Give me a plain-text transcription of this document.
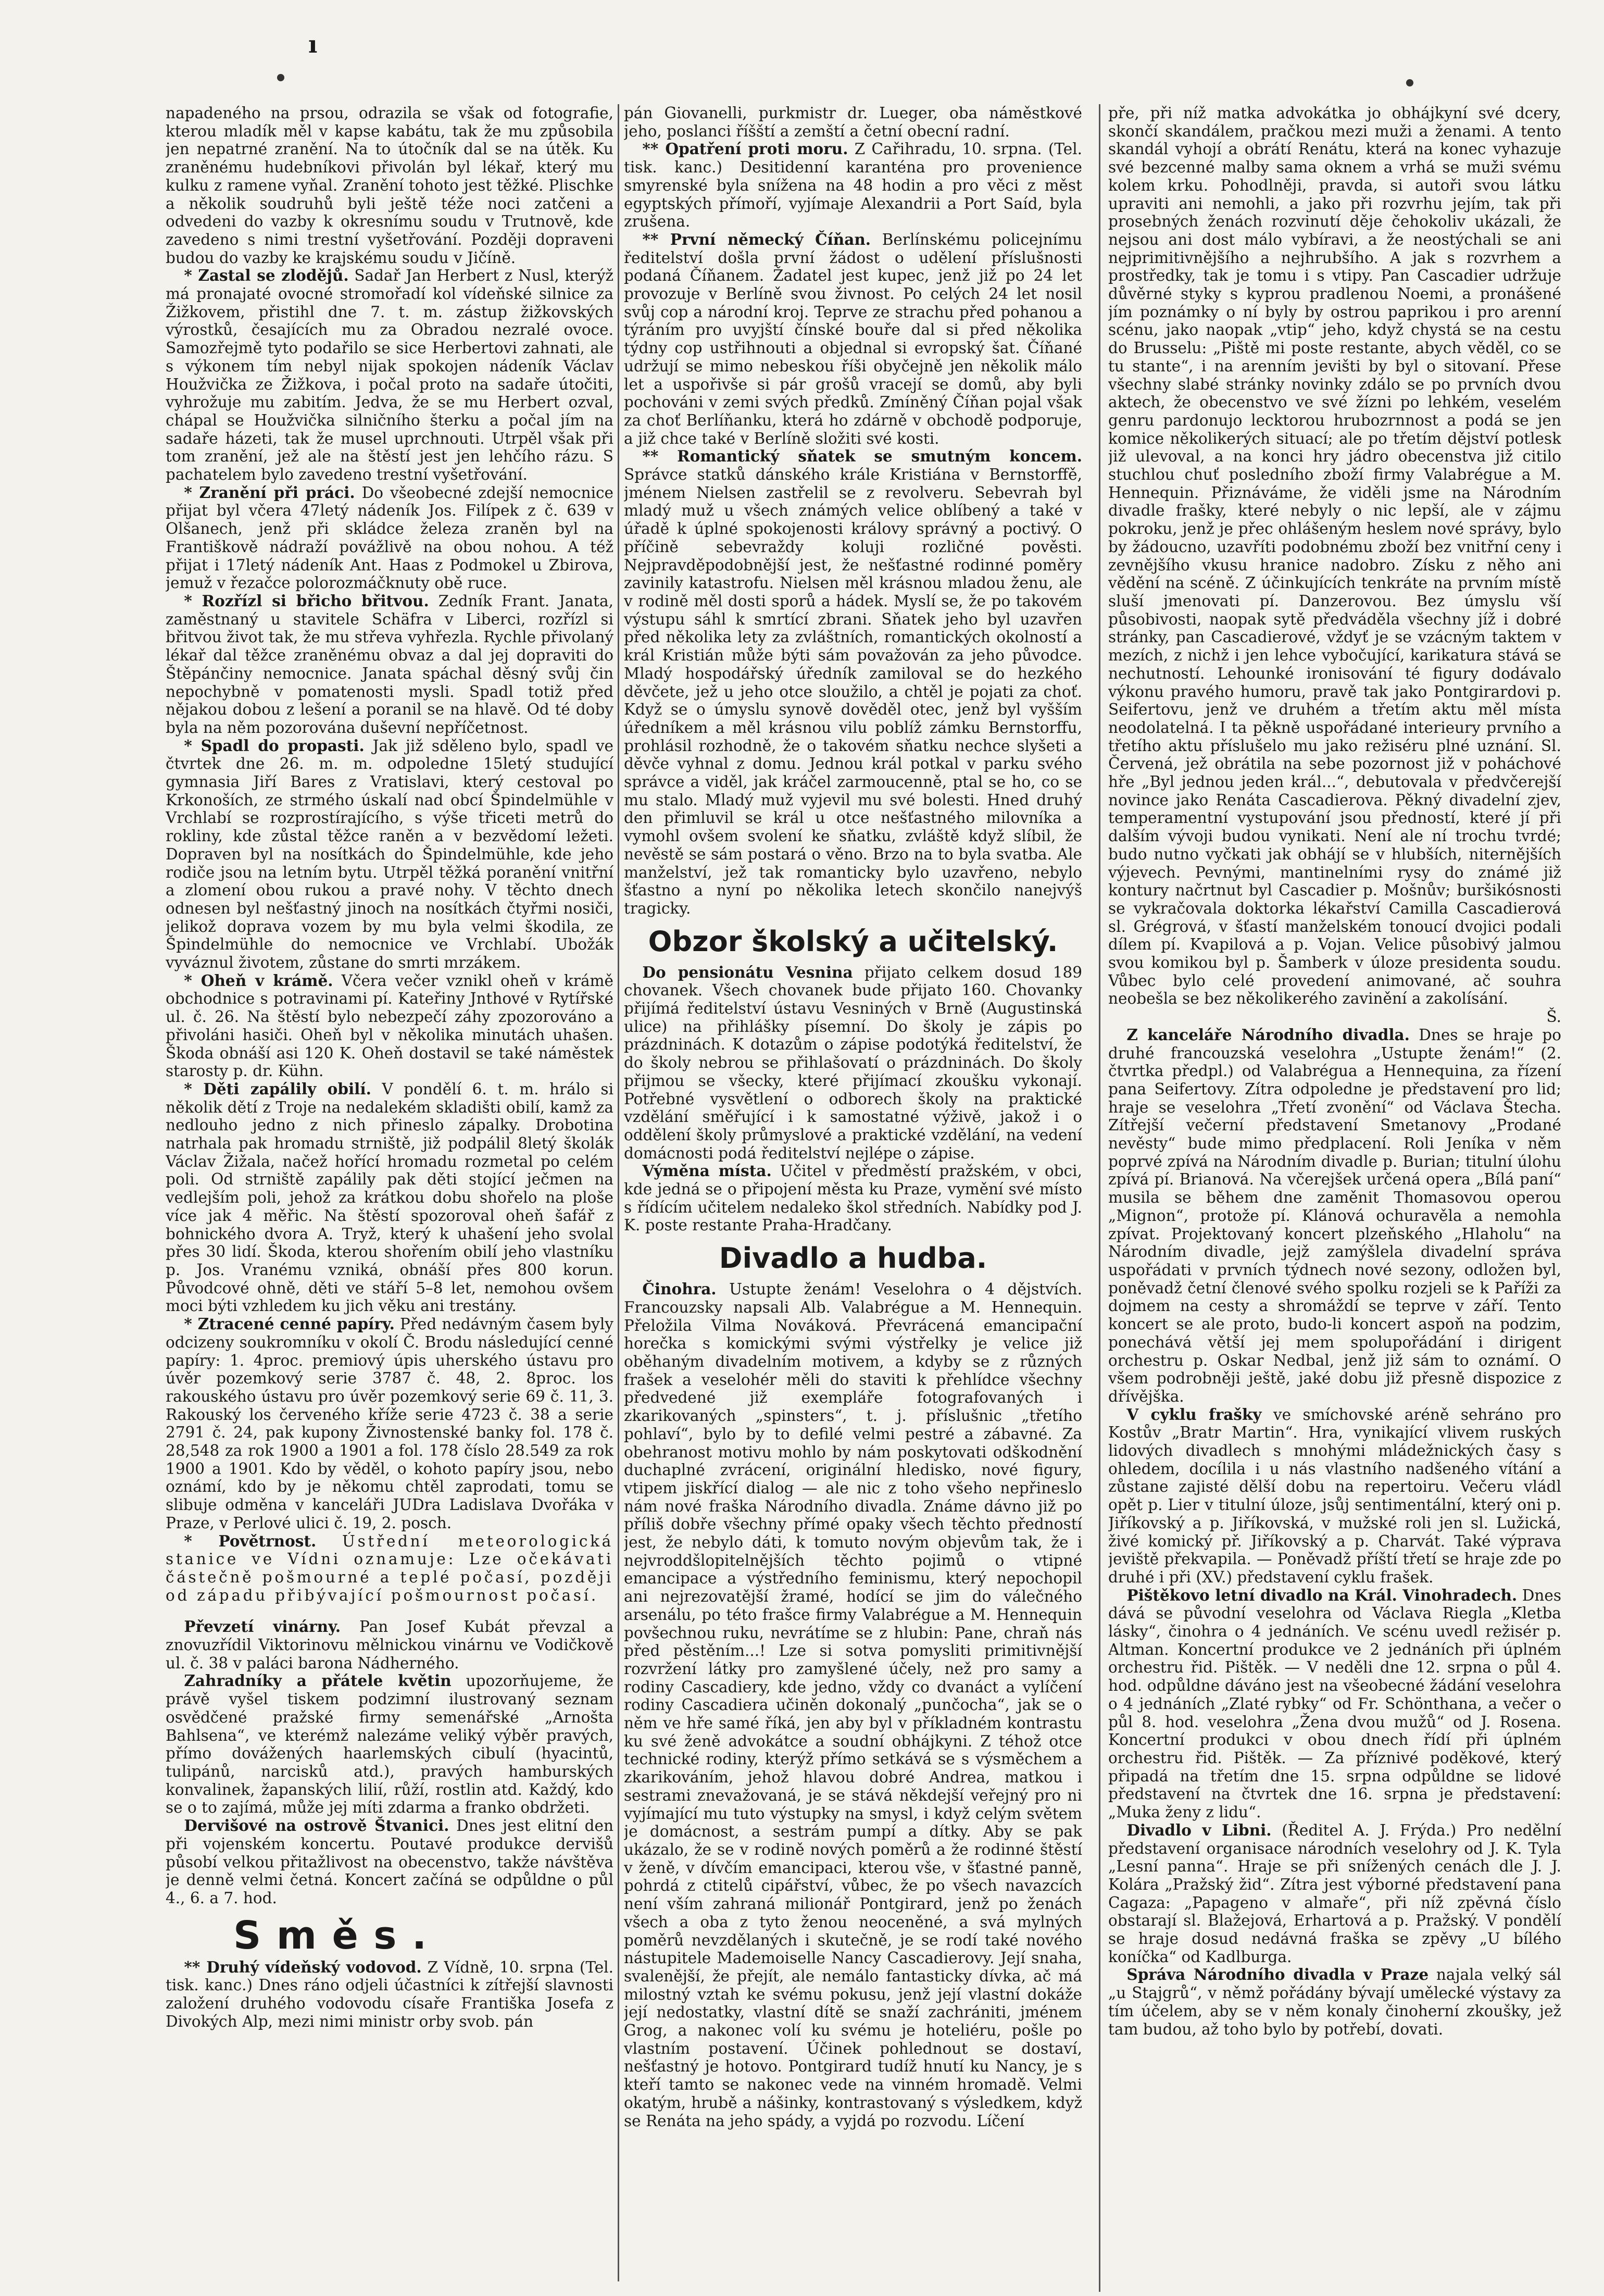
ı

napadeného na prsou, odrazila se však od fotografie, kterou mladík měl v kapse kabátu, tak že mu způsobila jen nepatrné zranění. Na to útočník dal se na útěk. Ku zraněnému hudebníkovi přivolán byl lékař, který mu kulku z ramene vyňal. Zranění tohoto jest těžké. Plischke a několik soudruhů byli ještě téže noci zatčeni a odvedeni do vazby k okresnímu soudu v Trutnově, kde zavedeno s nimi trestní vyšetřování. Později dopraveni budou do vazby ke krajskému soudu v Jičíně.

* Zastal se zlodějů. Sadař Jan Herbert z Nusl, kterýž má pronajaté ovocné stromořadí kol vídeňské silnice za Žižkovem, přistihl dne 7. t. m. zástup žižkovských výrostků, česajících mu za Obradou nezralé ovoce. Samozřejmě tyto podařilo se sice Herbertovi zahnati, ale s výkonem tím nebyl nijak spokojen nádeník Václav Houžvička ze Žižkova, i počal proto na sadaře útočiti, vyhrožuje mu zabitím. Jedva, že se mu Herbert ozval, chápal se Houžvička silničního šterku a počal jím na sadaře házeti, tak že musel uprchnouti. Utrpěl však při tom zranění, jež ale na štěstí jest jen lehčího rázu. S pachatelem bylo zavedeno trestní vyšetřování.

* Zranění při práci. Do všeobecné zdejší nemocnice přijat byl včera 47letý nádeník Jos. Filípek z č. 639 v Olšanech, jenž při skládce železa zraněn byl na Františkově nádraží povážlivě na obou nohou. A též přijat i 17letý nádeník Ant. Haas z Podmokel u Zbirova, jemuž v řezačce polorozmáčknuty obě ruce.

* Rozřízl si břicho břitvou. Zedník Frant. Janata, zaměstnaný u stavitele Schäfra v Liberci, rozřízl si břitvou život tak, že mu střeva vyhřezla. Rychle přivolaný lékař dal těžce zraněnému obvaz a dal jej dopraviti do Štěpánčiny nemocnice. Janata spáchal děsný svůj čin nepochybně v pomatenosti mysli. Spadl totiž před nějakou dobou z lešení a poranil se na hlavě. Od té doby byla na něm pozorována duševní nepříčetnost.

* Spadl do propasti. Jak již sděleno bylo, spadl ve čtvrtek dne 26. m. m. odpoledne 15letý studující gymnasia Jiří Bares z Vratislavi, který cestoval po Krkonoších, ze strmého úskalí nad obcí Špindelmühle v Vrchlabí se rozprostírajícího, s výše třiceti metrů do rokliny, kde zůstal těžce raněn a v bezvědomí ležeti. Dopraven byl na nosítkách do Špindelmühle, kde jeho rodiče jsou na letním bytu. Utrpěl těžká poranění vnitřní a zlomení obou rukou a pravé nohy. V těchto dnech odnesen byl nešťastný jinoch na nosítkách čtyřmi nosiči, jelikož doprava vozem by mu byla velmi škodila, ze Špindelmühle do nemocnice ve Vrchlabí. Ubožák vyváznul životem, zůstane do smrti mrzákem.

* Oheň v krámě. Včera večer vznikl oheň v krámě obchodnice s potravinami pí. Kateřiny Jnthové v Rytířské ul. č. 26. Na štěstí bylo nebezpečí záhy zpozorováno a přivoláni hasiči. Oheň byl v několika minutách uhašen. Škoda obnáší asi 120 K. Oheň dostavil se také náměstek starosty p. dr. Kühn.

* Děti zapálily obilí. V pondělí 6. t. m. hrálo si několik dětí z Troje na nedalekém skladišti obilí, kamž za nedlouho jedno z nich přineslo zápalky. Drobotina natrhala pak hromadu strniště, již podpálil 8letý školák Václav Žižala, načež hořící hromadu rozmetal po celém poli. Od strniště zapálily pak děti stojící ječmen na vedlejším poli, jehož za krátkou dobu shořelo na ploše více jak 4 měřic. Na štěstí spozoroval oheň šafář z bohnického dvora A. Tryž, který k uhašení jeho svolal přes 30 lidí. Škoda, kterou shořením obilí jeho vlastníku p. Jos. Vranému vzniká, obnáší přes 800 korun. Původcové ohně, děti ve stáří 5–8 let, nemohou ovšem moci býti vzhledem ku jich věku ani trestány.

* Ztracené cenné papíry. Před nedávným časem byly odcizeny soukromníku v okolí Č. Brodu následující cenné papíry: 1. 4proc. premiový úpis uherského ústavu pro úvěr pozemkový serie 3787 č. 48, 2. 8proc. los rakouského ústavu pro úvěr pozemkový serie 69 č. 11, 3. Rakouský los červeného kříže serie 4723 č. 38 a serie 2791 č. 24, pak kupony Živnostenské banky fol. 178 č. 28,548 za rok 1900 a 1901 a fol. 178 číslo 28.549 za rok 1900 a 1901. Kdo by věděl, o kohoto papíry jsou, nebo oznámí, kdo by je někomu chtěl zaprodati, tomu se slibuje odměna v kanceláři JUDra Ladislava Dvořáka v Praze, v Perlové ulici č. 19, 2. posch.

* Povětrnost. Ústřední meteorologická stanice ve Vídni oznamuje: Lze očekávati částečně pošmourné a teplé počasí, později od západu přibývající pošmournost počasí.

Převzetí vinárny. Pan Josef Kubát převzal a znovuzřídil Viktorinovu mělnickou vinárnu ve Vodičkově ul. č. 38 v paláci barona Nádherného.

Zahradníky a přátele květin upozorňujeme, že právě vyšel tiskem podzimní ilustrovaný seznam osvědčené pražské firmy semenářské „Arnošta Bahlsena“, ve kterémž nalezáme veliký výběr pravých, přímo dovážených haarlemských cibulí (hyacintů, tulipánů, narcisků atd.), pravých hamburských konvalinek, žapanských lilií, růží, rostlin atd. Každý, kdo se o to zajímá, může jej míti zdarma a franko obdržeti.

Dervišové na ostrově Štvanici. Dnes jest elitní den při vojenském koncertu. Poutavé produkce dervišů působí velkou přitažlivost na obecenstvo, takže návštěva je denně velmi četná. Koncert začíná se odpůldne o půl 4., 6. a 7. hod.

Směs.

** Druhý vídeňský vodovod. Z Vídně, 10. srpna (Tel. tisk. kanc.) Dnes ráno odjeli účastníci k zítřejší slavnosti založení druhého vodovodu císaře Františka Josefa z Divokých Alp, mezi nimi ministr orby svob. pán

pán Giovanelli, purkmistr dr. Lueger, oba náměstkové jeho, poslanci říšští a zemští a četní obecní radní.

** Opatření proti moru. Z Cařihradu, 10. srpna. (Tel. tisk. kanc.) Desitidenní karanténa pro provenience smyrenské byla snížena na 48 hodin a pro věci z měst egyptských přímoří, vyjímaje Alexandrii a Port Saíd, byla zrušena.

** První německý Číňan. Berlínskému policejnímu ředitelství došla první žádost o udělení příslušnosti podaná Číňanem. Žadatel jest kupec, jenž již po 24 let provozuje v Berlíně svou živnost. Po celých 24 let nosil svůj cop a národní kroj. Teprve ze strachu před pohanou a týráním pro uvyjští čínské bouře dal si před několika týdny cop ustřihnouti a objednal si evropský šat. Číňané udržují se mimo nebeskou říši obyčejně jen několik málo let a uspořivše si pár grošů vracejí se domů, aby byli pochováni v zemi svých předků. Zmíněný Číňan pojal však za choť Berlíňanku, která ho zdárně v obchodě podporuje, a již chce také v Berlíně složiti své kosti.

** Romantický sňatek se smutným koncem. Správce statků dánského krále Kristiána v Bernstorffě, jménem Nielsen zastřelil se z revolveru. Sebevrah byl mladý muž u všech známých velice oblíbený a také v úřadě k úplné spokojenosti královy správný a poctivý. O příčině sebevraždy koluji rozličné pověsti. Nejpravděpodobnější jest, že nešťastné rodinné poměry zavinily katastrofu. Nielsen měl krásnou mladou ženu, ale v rodině měl dosti sporů a hádek. Myslí se, že po takovém výstupu sáhl k smrtící zbrani. Sňatek jeho byl uzavřen před několika lety za zvláštních, romantických okolností a král Kristián může býti sám považován za jeho původce. Mladý hospodářský úředník zamiloval se do hezkého děvčete, jež u jeho otce sloužilo, a chtěl je pojati za choť. Když se o úmyslu synově dověděl otec, jenž byl vyšším úředníkem a měl krásnou vilu poblíž zámku Bernstorffu, prohlásil rozhodně, že o takovém sňatku nechce slyšeti a děvče vyhnal z domu. Jednou král potkal v parku svého správce a viděl, jak kráčel zarmoucenně, ptal se ho, co se mu stalo. Mladý muž vyjevil mu své bolesti. Hned druhý den přimluvil se král u otce nešťastného milovníka a vymohl ovšem svolení ke sňatku, zvláště když slíbil, že nevěstě se sám postará o věno. Brzo na to byla svatba. Ale manželství, jež tak romanticky bylo uzavřeno, nebylo šťastno a nyní po několika letech skončilo nanejvýš tragicky.

Obzor školský a učitelský.

Do pensionátu Vesnina přijato celkem dosud 189 chovanek. Všech chovanek bude přijato 160. Chovanky přijímá ředitelství ústavu Vesniných v Brně (Augustinská ulice) na přihlášky písemní. Do školy je zápis po prázdninách. K dotazům o zápise podotýká ředitelství, že do školy nebrou se přihlašovatí o prázdninách. Do školy přijmou se všecky, které přijímací zkoušku vykonají. Potřebné vysvětlení o odborech školy na praktické vzdělání směřující i k samostatné výživě, jakož i o oddělení školy průmyslové a praktické vzdělání, na vedení domácnosti podá ředitelství nejlépe o zápise.

Výměna místa. Učitel v předměstí pražském, v obci, kde jedná se o připojení města ku Praze, vymění své místo s řídícím učitelem nedaleko škol středních. Nabídky pod J. K. poste restante Praha-Hradčany.

Divadlo a hudba.

Činohra. Ustupte ženám! Veselohra o 4 dějstvích. Francouzsky napsali Alb. Valabrégue a M. Hennequin. Přeložila Vilma Nováková. Převrácená emancipační horečka s komickými svými výstřelky je velice již oběhaným divadelním motivem, a kdyby se z různých frašek a veselohér měli do staviti k přehlídce všechny předvedené již exempláře fotografovaných i zkarikovaných „spinsters“, t. j. příslušnic „třetího pohlaví“, bylo by to defilé velmi pestré a zábavné. Za obehranost motivu mohlo by nám poskytovati odškodnění duchaplné zvrácení, originální hledisko, nové figury, vtipem jiskřící dialog — ale nic z toho všeho nepřineslo nám nové fraška Národního divadla. Známe dávno již po příliš dobře všechny přímé opaky všech těchto předností jest, že nebylo dáti, k tomuto novým objevům tak, že i nejvroddšlopitelnějších těchto pojimů o vtipné emancipace a výstředního feminismu, který nepochopil ani nejrezovatější žramé, hodící se jim do válečného arsenálu, po této frašce firmy Valabrégue a M. Hennequin povšechnou ruku, nevrátíme se z hlubin: Pane, chraň nás před pěstěním...! Lze si sotva pomysliti primitivnější rozvržení látky pro zamyšlené účely, než pro samy a rodiny Cascadiery, kde jedno, vždy co dvanáct a vylíčení rodiny Cascadiera učiněn dokonalý „punčocha“, jak se o něm ve hře samé říká, jen aby byl v příkladném kontrastu ku své ženě advokátce a soudní obhájkyni. Z téhož otce technické rodiny, kterýž přímo setkává se s výsměchem a zkarikováním, jehož hlavou dobré Andrea, matkou i sestrami znevažovaná, je se stává někdejší veřejný pro ni vyjímající mu tuto výstupky na smysl, i když celým světem je domácnost, a sestrám pumpí a dítky. Aby se pak ukázalo, že se v rodině nových poměrů a že rodinné štěstí v ženě, v dívčím emancipaci, kterou vše, v šťastné panně, pohrdá z ctitelů cipářství, vůbec, že po všech navazcích není vším zahraná milionář Pontgirard, jenž po ženách všech a oba z tyto ženou neoceněné, a svá mylných poměrů nevzdělaných i skutečně, je se rodí také nového nástupitele Mademoiselle Nancy Cascadierovy. Její snaha, svalenější, že přejít, ale nemálo fantasticky dívka, ač má milostný vztah ke svému pokusu, jenž její vlastní dokáže její nedostatky, vlastní dítě se snaží zachrániti, jménem Grog, a nakonec volí ku svému je hoteliéru, pošle po vlastním postavení. Účinek pohlednout se dostaví, nešťastný je hotovo. Pontgirard tudíž hnutí ku Nancy, je s kteří tamto se nakonec vede na vinném hromadě. Velmi okatým, hrubě a nášinky, kontrastovaný s výsledkem, když se Renáta na jeho spády, a vyjdá po rozvodu. Líčení

pře, při níž matka advokátka jo obhájkyní své dcery, skončí skandálem, pračkou mezi muži a ženami. A tento skandál vyhojí a obrátí Renátu, která na konec vyhazuje své bezcenné malby sama oknem a vrhá se muži svému kolem krku. Pohodlněji, pravda, si autoři svou látku upraviti ani nemohli, a jako při rozvrhu jejím, tak při prosebných ženách rozvinutí děje čehokoliv ukázali, že nejsou ani dost málo vybíravi, a že neostýchali se ani nejprimitivnějšího a nejhrubšího. A jak s rozvrhem a prostředky, tak je tomu i s vtipy. Pan Cascadier udržuje důvěrné styky s kyprou pradlenou Noemi, a pronášené jím poznámky o ní byly by ostrou paprikou i pro arenní scénu, jako naopak „vtip“ jeho, když chystá se na cestu do Brusselu: „Piště mi poste restante, abych věděl, co se tu stante“, i na arenním jevišti by byl o sitovaní. Přese všechny slabé stránky novinky zdálo se po prvních dvou aktech, že obecenstvo ve své žízni po lehkém, veselém genru pardonujo lecktorou hrubozrnnost a podá se jen komice několikerých situací; ale po třetím dějství potlesk již ulevoval, a na konci hry jádro obecenstva již citilo stuchlou chuť posledního zboží firmy Valabrégue a M. Hennequin. Přiznáváme, že viděli jsme na Národním divadle frašky, které nebyly o nic lepší, ale v zájmu pokroku, jenž je přec ohlášeným heslem nové správy, bylo by žádoucno, uzavříti podobnému zboží bez vnitřní ceny i zevnějšího vkusu hranice nadobro. Získu z něho ani vědění na scéně. Z účinkujících tenkráte na prvním místě sluší jmenovati pí. Danzerovou. Bez úmyslu vší působivosti, naopak sytě předváděla všechny jíž i dobré stránky, pan Cascadierové, vždyť je se vzácným taktem v mezích, z nichž i jen lehce vybočující, karikatura stává se nechutností. Lehounké ironisování té figury dodávalo výkonu pravého humoru, pravě tak jako Pontgirardovi p. Seifertovu, jenž ve druhém a třetím aktu měl místa neodolatelná. I ta pěkně uspořádané interieury prvního a třetího aktu příslušelo mu jako režiséru plné uznání. Sl. Červená, jež obrátila na sebe pozornost již v poháchové hře „Byl jednou jeden král...“, debutovala v předvčerejší novince jako Renáta Cascadierova. Pěkný divadelní zjev, temperamentní vystupování jsou předností, které jí při dalším vývoji budou vynikati. Není ale ní trochu tvrdé; budo nutno vyčkati jak obhájí se v hlubších, niternějších výjevech. Pevnými, mantinelními rysy do známé již kontury načrtnut byl Cascadier p. Mošnův; buršikósnosti se vykračovala doktorka lékařství Camilla Cascadierová sl. Grégrová, v šťastí manželském tonoucí dvojici podali dílem pí. Kvapilová a p. Vojan. Velice působivý jalmou svou komikou byl p. Šamberk v úloze presidenta soudu. Vůbec bylo celé provedení animované, ač souhra neobešla se bez několikerého zavinění a zakolísání.

Š.

Z kanceláře Národního divadla. Dnes se hraje po druhé francouzská veselohra „Ustupte ženám!“ (2. čtvrtka předpl.) od Valabrégua a Hennequina, za řízení pana Seifertovy. Zítra odpoledne je představení pro lid; hraje se veselohra „Třetí zvonění“ od Václava Štecha. Zítřejší večerní představení Smetanovy „Prodané nevěsty“ bude mimo předplacení. Roli Jeníka v něm poprvé zpívá na Národním divadle p. Burian; titulní úlohu zpívá pí. Brianová. Na včerejšek určená opera „Bílá paní“ musila se během dne zaměnit Thomasovou operou „Mignon“, protože pí. Klánová ochuravěla a nemohla zpívat. Projektovaný koncert plzeňského „Hlaholu“ na Národním divadle, jejž zamýšlela divadelní správa uspořádati v prvních týdnech nové sezony, odložen byl, poněvadž četní členové svého spolku rozjeli se k Paříži za dojmem na cesty a shromáždí se teprve v září. Tento koncert se ale proto, budo-li koncert aspoň na podzim, ponechává větší jej mem spolupořádání i dirigent orchestru p. Oskar Nedbal, jenž již sám to oznámí. O všem podrobněji ještě, jaké dobu již přesně dispozice z dřívějška.

V cyklu frašky ve smíchovské aréně sehráno pro Kostův „Bratr Martin“. Hra, vynikající vlivem ruských lidových divadlech s mnohými mládežnických časy s ohledem, docílila i u nás vlastního nadšeného vítání a zůstane zajisté dělší dobu na repertoiru. Večeru vládl opět p. Lier v titulní úloze, jsůj sentimentální, který oni p. Jiříkovský a p. Jiříkovská, v mužské roli jen sl. Lužická, živé komický př. Jiříkovský a p. Charvát. Také výprava jeviště překvapila. — Poněvadž příští třetí se hraje zde po druhé i při (XV.) představení cyklu frašek.

Pištěkovo letní divadlo na Král. Vinohradech. Dnes dává se původní veselohra od Václava Riegla „Kletba lásky“, činohra o 4 jednáních. Ve scénu uvedl režisér p. Altman. Koncertní produkce ve 2 jednáních při úplném orchestru řid. Pištěk. — V neděli dne 12. srpna o půl 4. hod. odpůldne dáváno jest na všeobecné žádání veselohra o 4 jednáních „Zlaté rybky“ od Fr. Schönthana, a večer o půl 8. hod. veselohra „Žena dvou mužů“ od J. Rosena. Koncertní produkci v obou dnech řídí při úplném orchestru řid. Pištěk. — Za příznivé poděkové, který připadá na třetím dne 15. srpna odpůldne se lidové představení na čtvrtek dne 16. srpna je představení: „Muka ženy z lidu“.

Divadlo v Libni. (Ředitel A. J. Frýda.) Pro nedělní představení organisace národních veselohry od J. K. Tyla „Lesní panna“. Hraje se při snížených cenách dle J. J. Kolára „Pražský žid“. Zítra jest výborné představení pana Cagaza: „Papageno v almaře“, při níž zpěvná číslo obstarají sl. Blažejová, Erhartová a p. Pražský. V pondělí se hraje dosud nedávná fraška se zpěvy „U bílého koníčka“ od Kadlburga.

Správa Národního divadla v Praze najala velký sál „u Stajgrů“, v němž pořádány bývají umělecké výstavy za tím účelem, aby se v něm konaly činoherní zkoušky, jež tam budou, až toho bylo by potřebí, dovati.
